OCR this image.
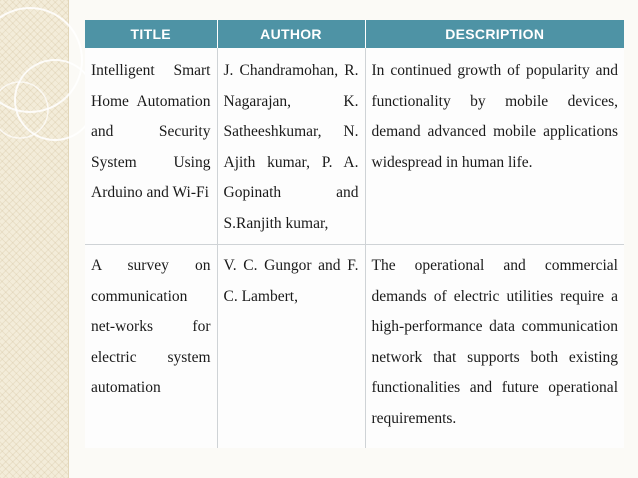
TITLE	AUTHOR	DESCRIPTION

Intelligent Smart Home Automation and Security System Using Arduino and Wi-Fi	J. Chandramohan, R. Nagarajan, K. Satheeshkumar, N. Ajith kumar, P. A. Gopinath and S.Ranjith kumar,	In continued growth of popularity and functionality by mobile devices, demand advanced mobile applications widespread in human life.

A survey on communication net-works for electric system automation	V. C. Gungor and F. C. Lambert,	The operational and commercial demands of electric utilities require a high-performance data communication network that supports both existing functionalities and future operational requirements.
